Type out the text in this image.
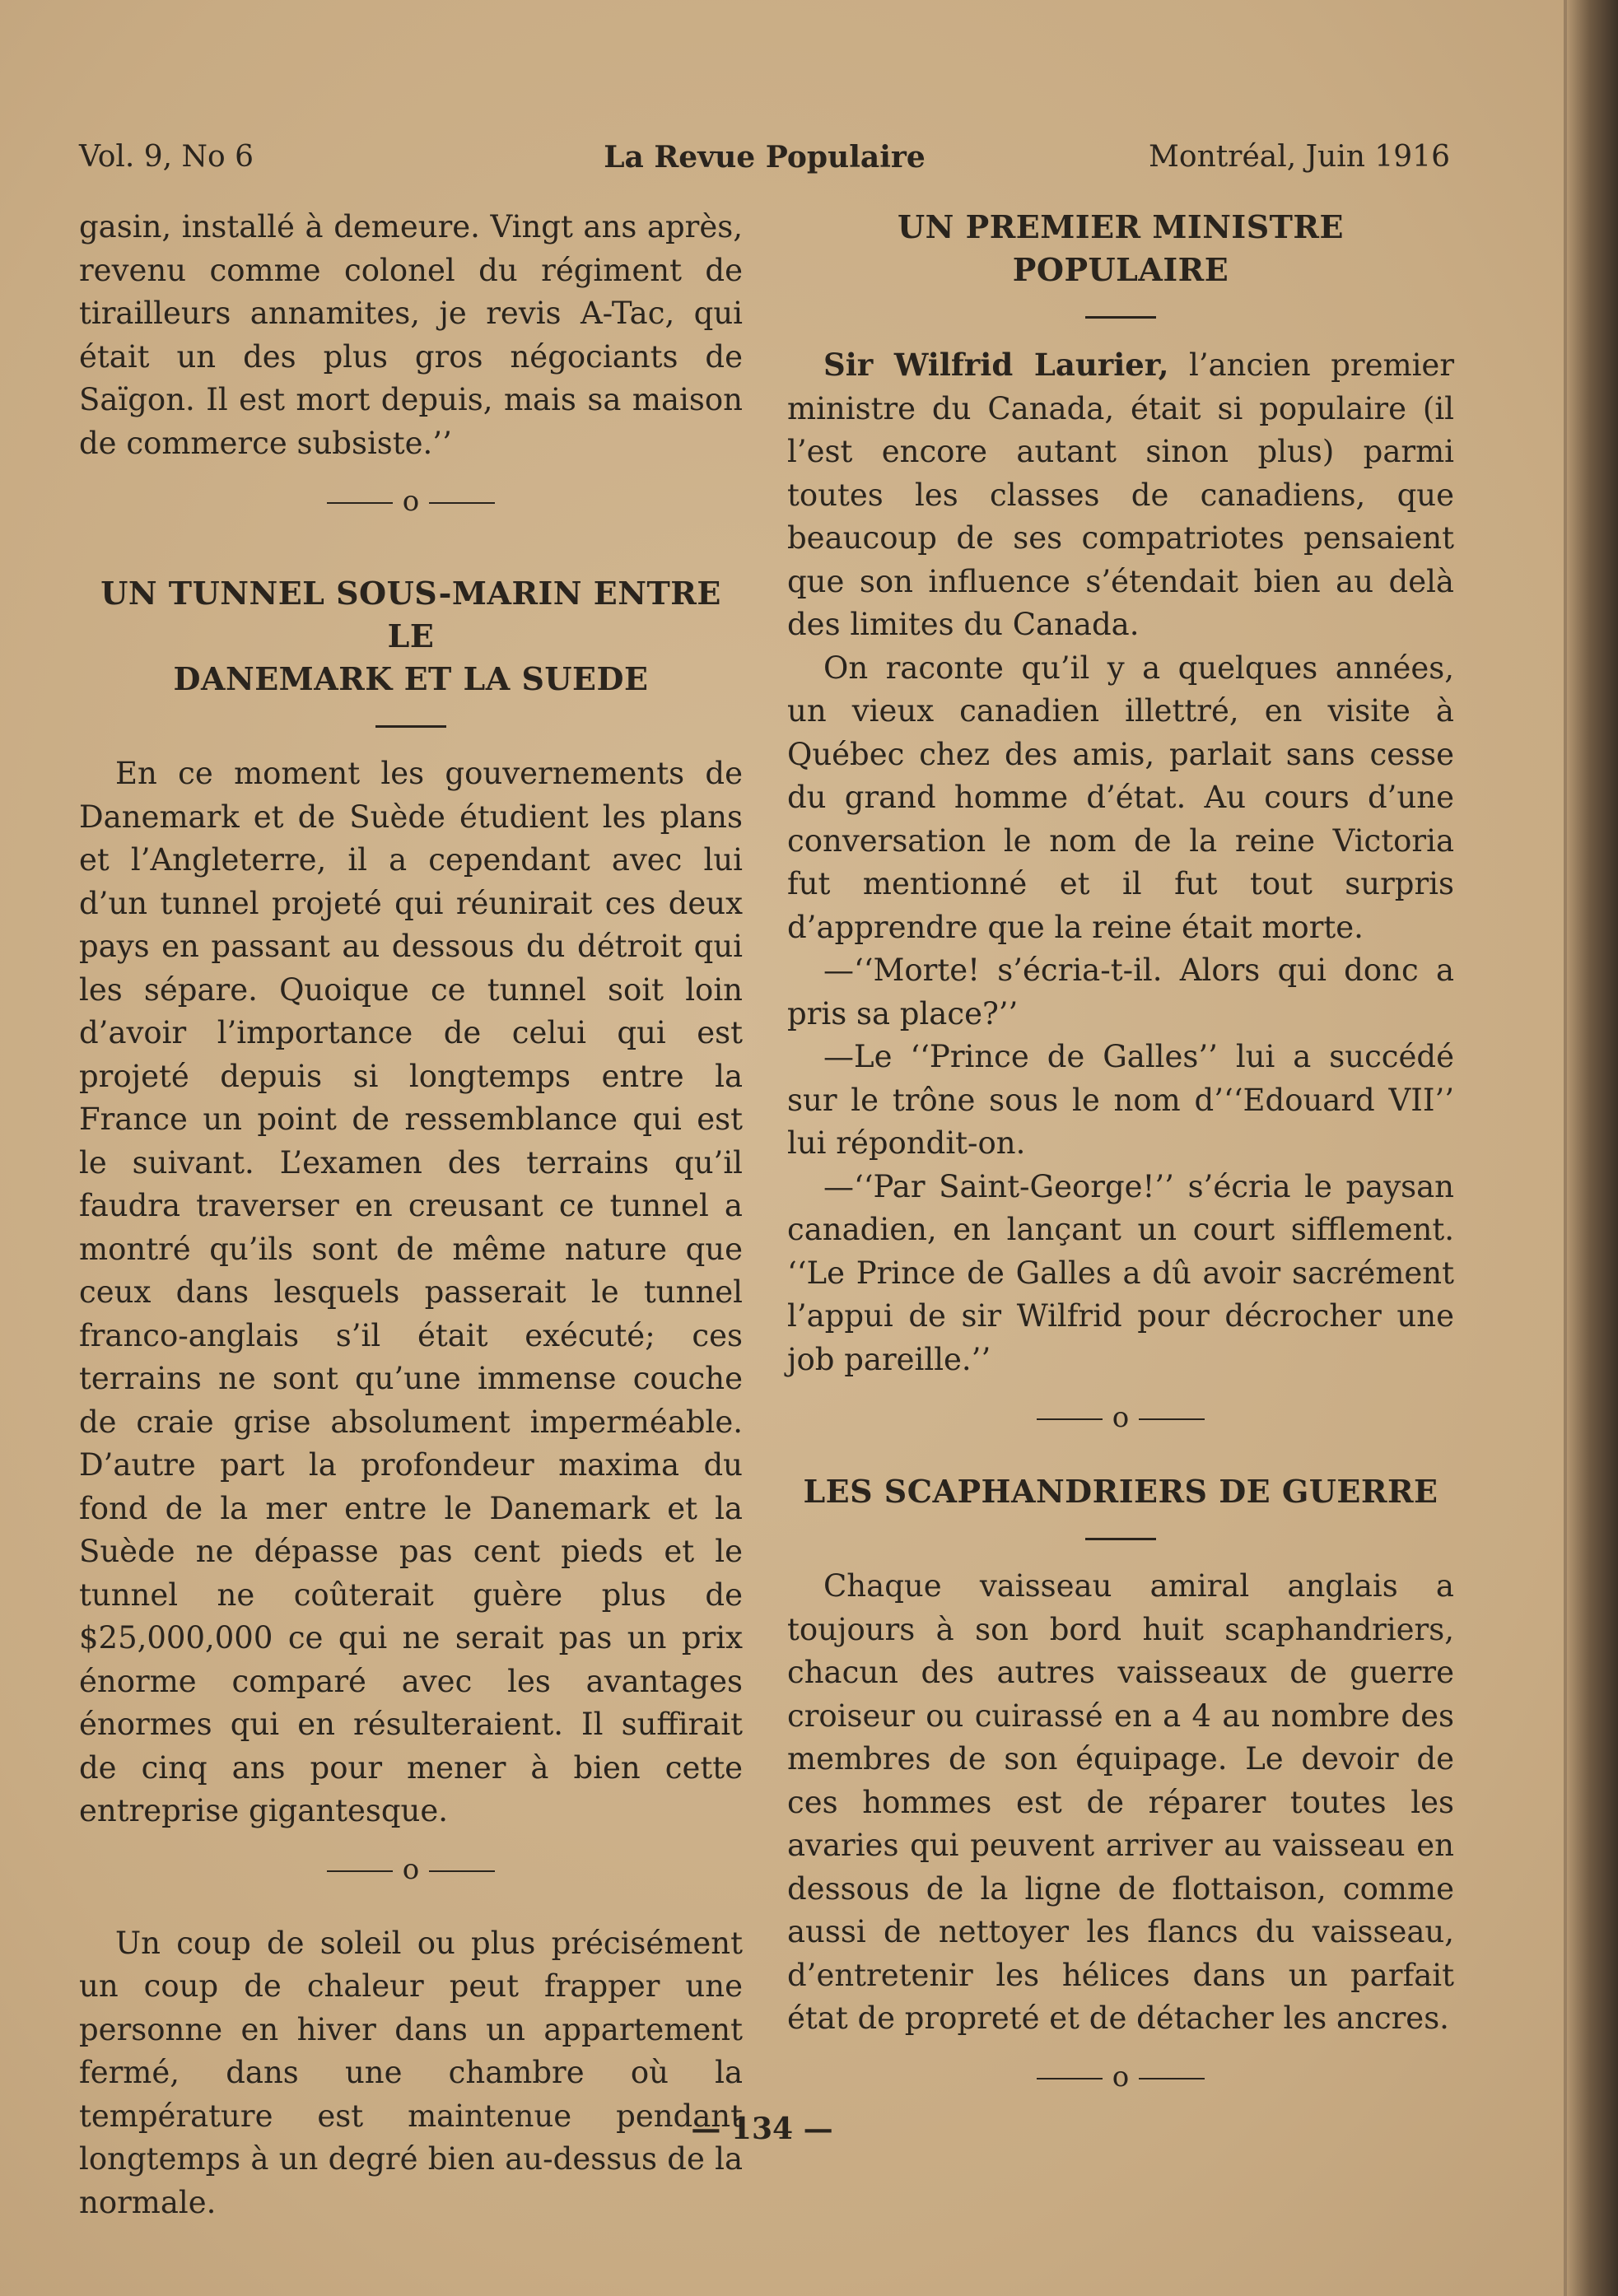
Vol. 9, No 6	La Revue Populaire	Montréal, Juin 1916

gasin, installé à demeure. Vingt ans après, revenu comme colonel du régiment de tirailleurs annamites, je revis A-Tac, qui était un des plus gros négociants de Saïgon. Il est mort depuis, mais sa maison de commerce subsiste.’’

o
UN TUNNEL SOUS-MARIN ENTRE LE
DANEMARK ET LA SUEDE

En ce moment les gouvernements de Danemark et de Suède étudient les plans et l’Angleterre, il a cependant avec lui d’un tunnel projeté qui réunirait ces deux pays en passant au dessous du détroit qui les sépare. Quoique ce tunnel soit loin d’avoir l’importance de celui qui est projeté depuis si longtemps entre la France un point de ressemblance qui est le suivant. L’examen des terrains qu’il faudra traverser en creusant ce tunnel a montré qu’ils sont de même nature que ceux dans lesquels passerait le tunnel franco-anglais s’il était exécuté; ces terrains ne sont qu’une immense couche de craie grise absolument imperméable. D’autre part la profondeur maxima du fond de la mer entre le Danemark et la Suède ne dépasse pas cent pieds et le tunnel ne coûterait guère plus de $25,000,000 ce qui ne serait pas un prix énorme comparé avec les avantages énormes qui en résulteraient. Il suffirait de cinq ans pour mener à bien cette entreprise gigantesque.

o

Un coup de soleil ou plus précisément un coup de chaleur peut frapper une personne en hiver dans un appartement fermé, dans une chambre où la température est maintenue pendant longtemps à un degré bien au-dessus de la normale.

UN PREMIER MINISTRE POPULAIRE

Sir Wilfrid Laurier, l’ancien premier ministre du Canada, était si populaire (il l’est encore autant sinon plus) parmi toutes les classes de canadiens, que beaucoup de ses compatriotes pensaient que son influence s’étendait bien au delà des limites du Canada.

On raconte qu’il y a quelques années, un vieux canadien illettré, en visite à Québec chez des amis, parlait sans cesse du grand homme d’état. Au cours d’une conversation le nom de la reine Victoria fut mentionné et il fut tout surpris d’apprendre que la reine était morte.

—‘‘Morte! s’écria-t-il. Alors qui donc a pris sa place?’’

—Le ‘‘Prince de Galles’’ lui a succédé sur le trône sous le nom d’‘‘Edouard VII’’ lui répondit-on.

—‘‘Par Saint-George!’’ s’écria le paysan canadien, en lançant un court sifflement. ‘‘Le Prince de Galles a dû avoir sacrément l’appui de sir Wilfrid pour décrocher une job pareille.’’

o
LES SCAPHANDRIERS DE GUERRE

Chaque vaisseau amiral anglais a toujours à son bord huit scaphandriers, chacun des autres vaisseaux de guerre croiseur ou cuirassé en a 4 au nombre des membres de son équipage. Le devoir de ces hommes est de réparer toutes les avaries qui peuvent arriver au vaisseau en dessous de la ligne de flottaison, comme aussi de nettoyer les flancs du vaisseau, d’entretenir les hélices dans un parfait état de propreté et de détacher les ancres.

o
— 134 —
